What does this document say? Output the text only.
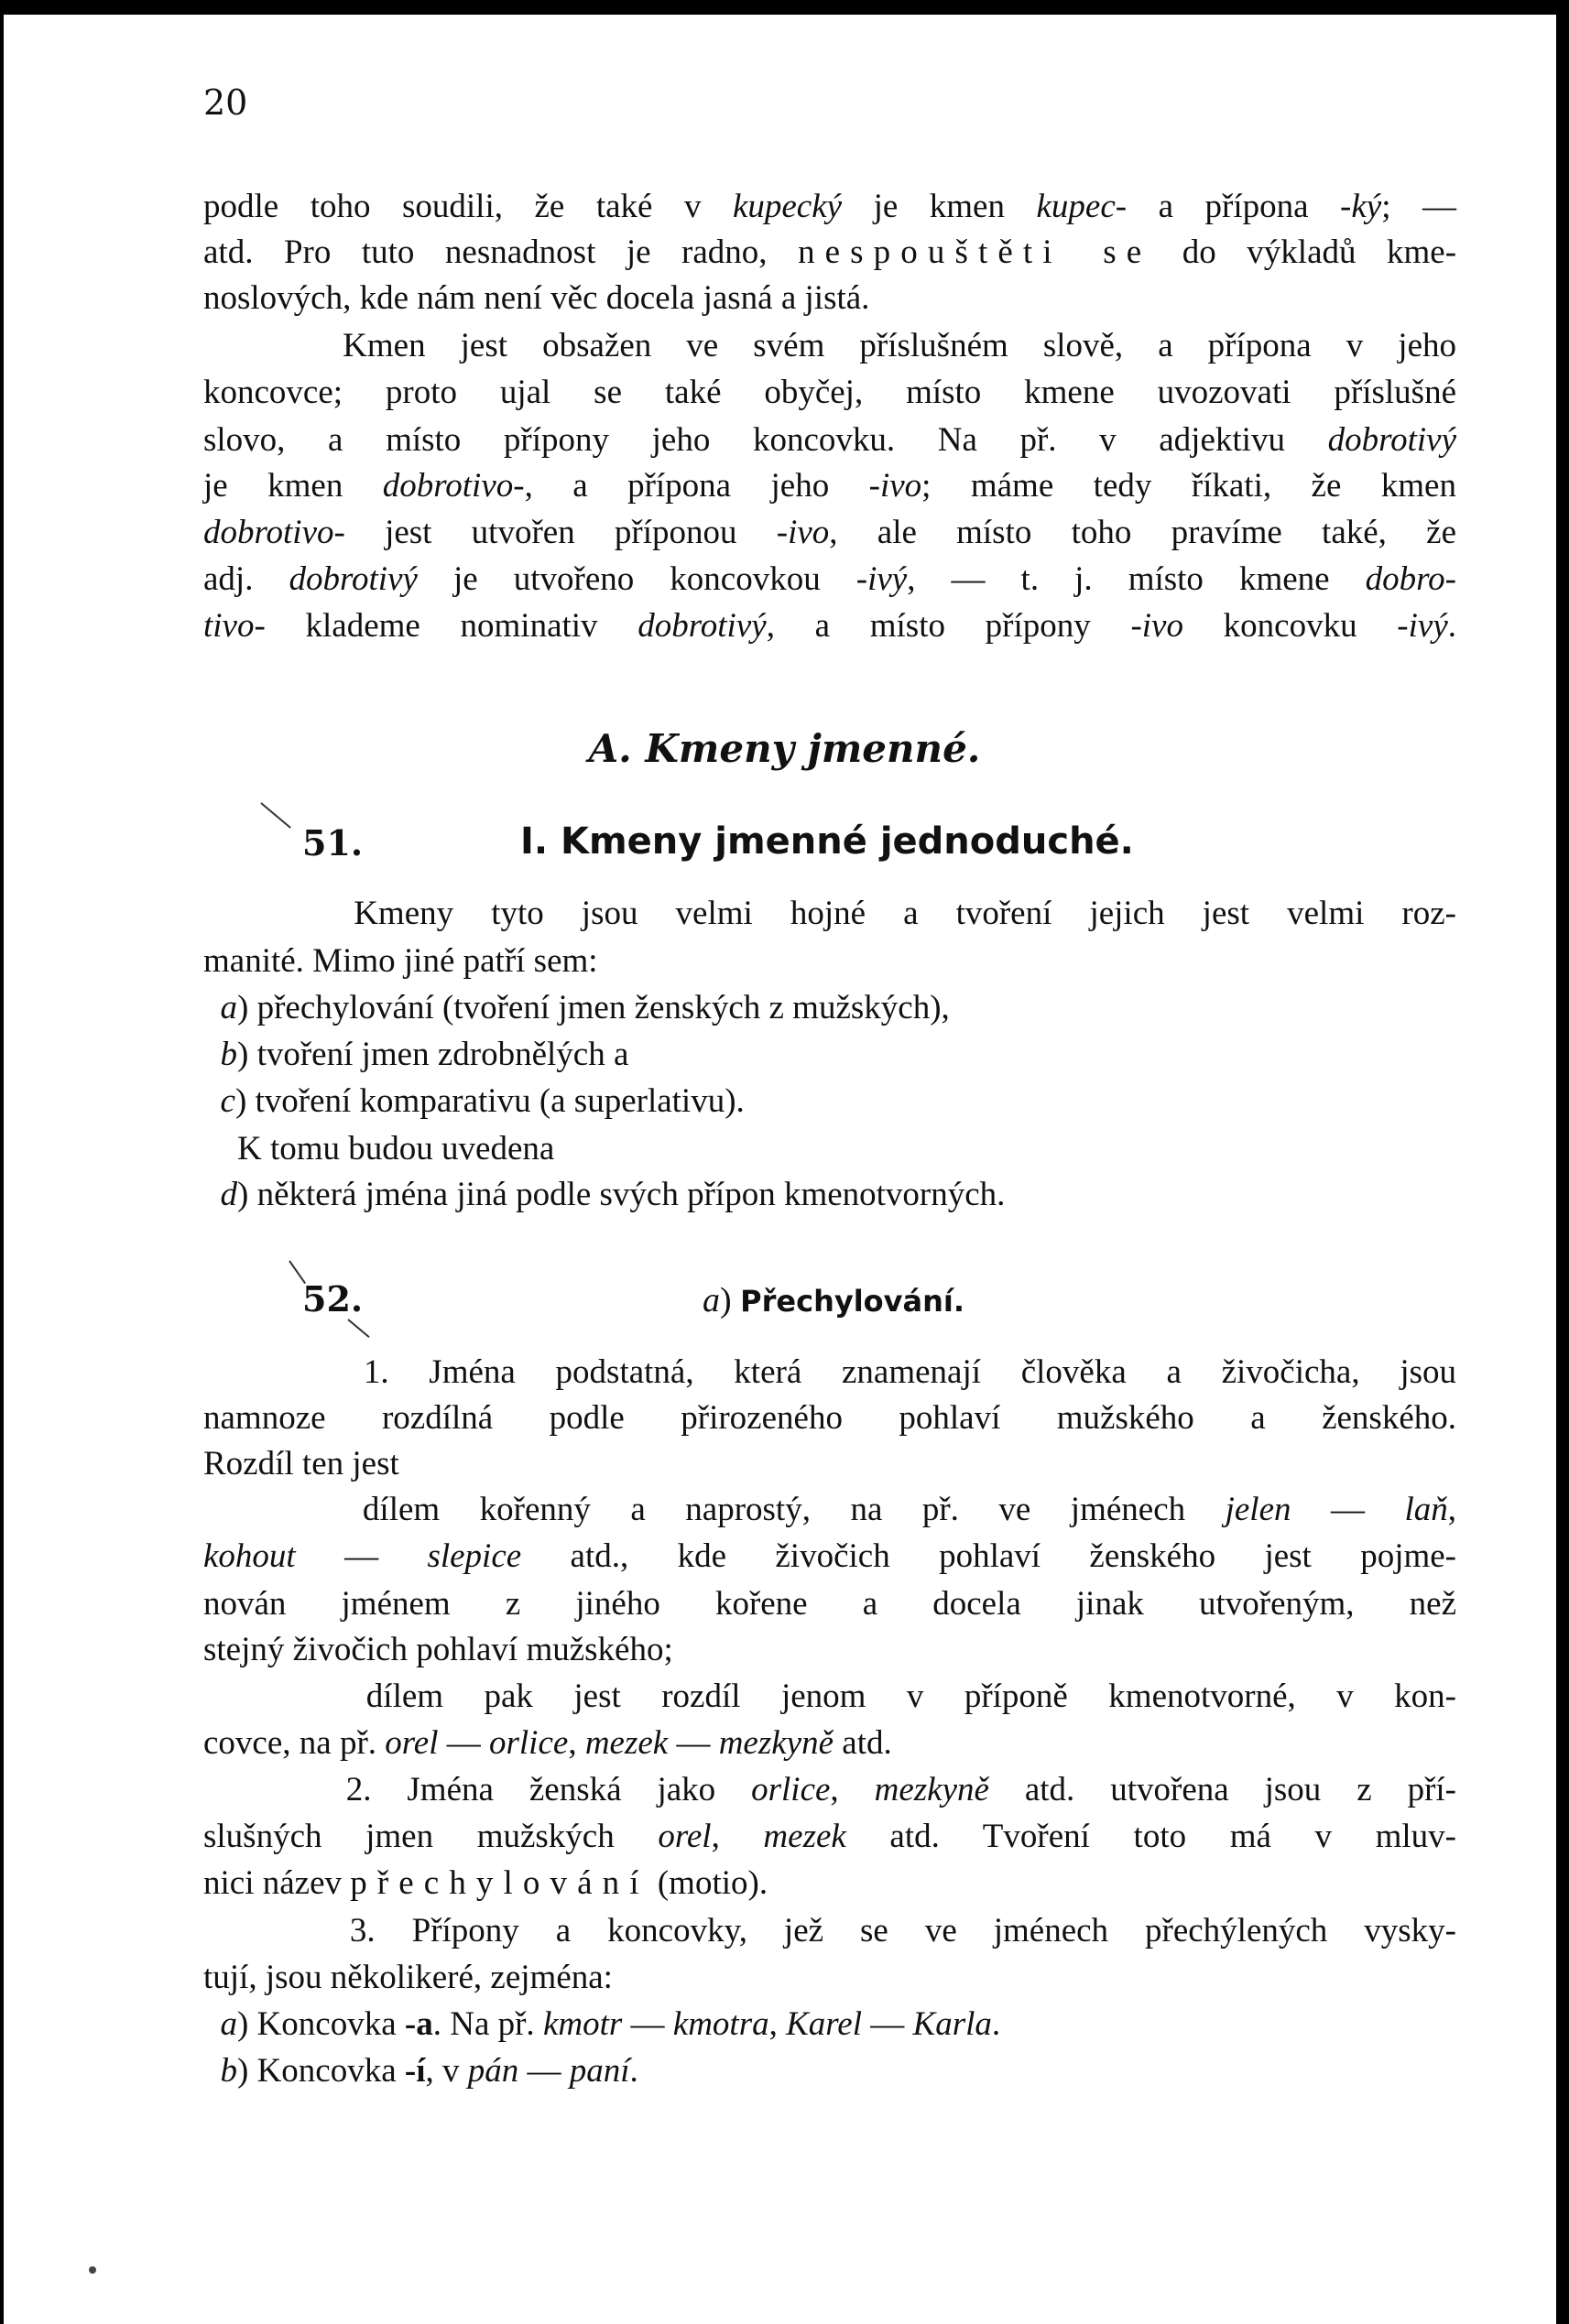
20
podle toho soudili, že také v kupecký je kmen kupec- a přípona -ký; —
atd. Pro tuto nesnadnost je radno, nespouštěti se do výkladů kme-
noslových, kde nám není věc docela jasná a jistá.
Kmen jest obsažen ve svém příslušném slově, a přípona v jeho
koncovce; proto ujal se také obyčej, místo kmene uvozovati příslušné
slovo, a místo přípony jeho koncovku. Na př. v adjektivu dobrotivý
je kmen dobrotivo-, a přípona jeho -ivo; máme tedy říkati, že kmen
dobrotivo- jest utvořen příponou -ivo, ale místo toho pravíme také, že
adj. dobrotivý je utvořeno koncovkou -ivý, — t. j. místo kmene dobro-
tivo- klademe nominativ dobrotivý, a místo přípony -ivo koncovku -ivý.
A. Kmeny jmenné.
51.	I. Kmeny jmenné jednoduché.
Kmeny tyto jsou velmi hojné a tvoření jejich jest velmi roz-
manité. Mimo jiné patří sem:
a) přechylování (tvoření jmen ženských z mužských),
b) tvoření jmen zdrobnělých a
c) tvoření komparativu (a superlativu).
K tomu budou uvedena
d) některá jména jiná podle svých přípon kmenotvorných.
52.	a) Přechylování.
1. Jména podstatná, která znamenají člověka a živočicha, jsou
namnoze rozdílná podle přirozeného pohlaví mužského a ženského.
Rozdíl ten jest
dílem kořenný a naprostý, na př. ve jménech jelen — laň,
kohout — slepice atd., kde živočich pohlaví ženského jest pojme-
nován jménem z jiného kořene a docela jinak utvořeným, než
stejný živočich pohlaví mužského;
dílem pak jest rozdíl jenom v příponě kmenotvorné, v kon-
covce, na př. orel — orlice, mezek — mezkyně atd.
2. Jména ženská jako orlice, mezkyně atd. utvořena jsou z pří-
slušných jmen mužských orel, mezek atd. Tvoření toto má v mluv-
nici název přechylování (motio).
3. Přípony a koncovky, jež se ve jménech přechýlených vysky-
tují, jsou několikeré, zejména:
a) Koncovka -a. Na př. kmotr — kmotra, Karel — Karla.
b) Koncovka -í, v pán — paní.
